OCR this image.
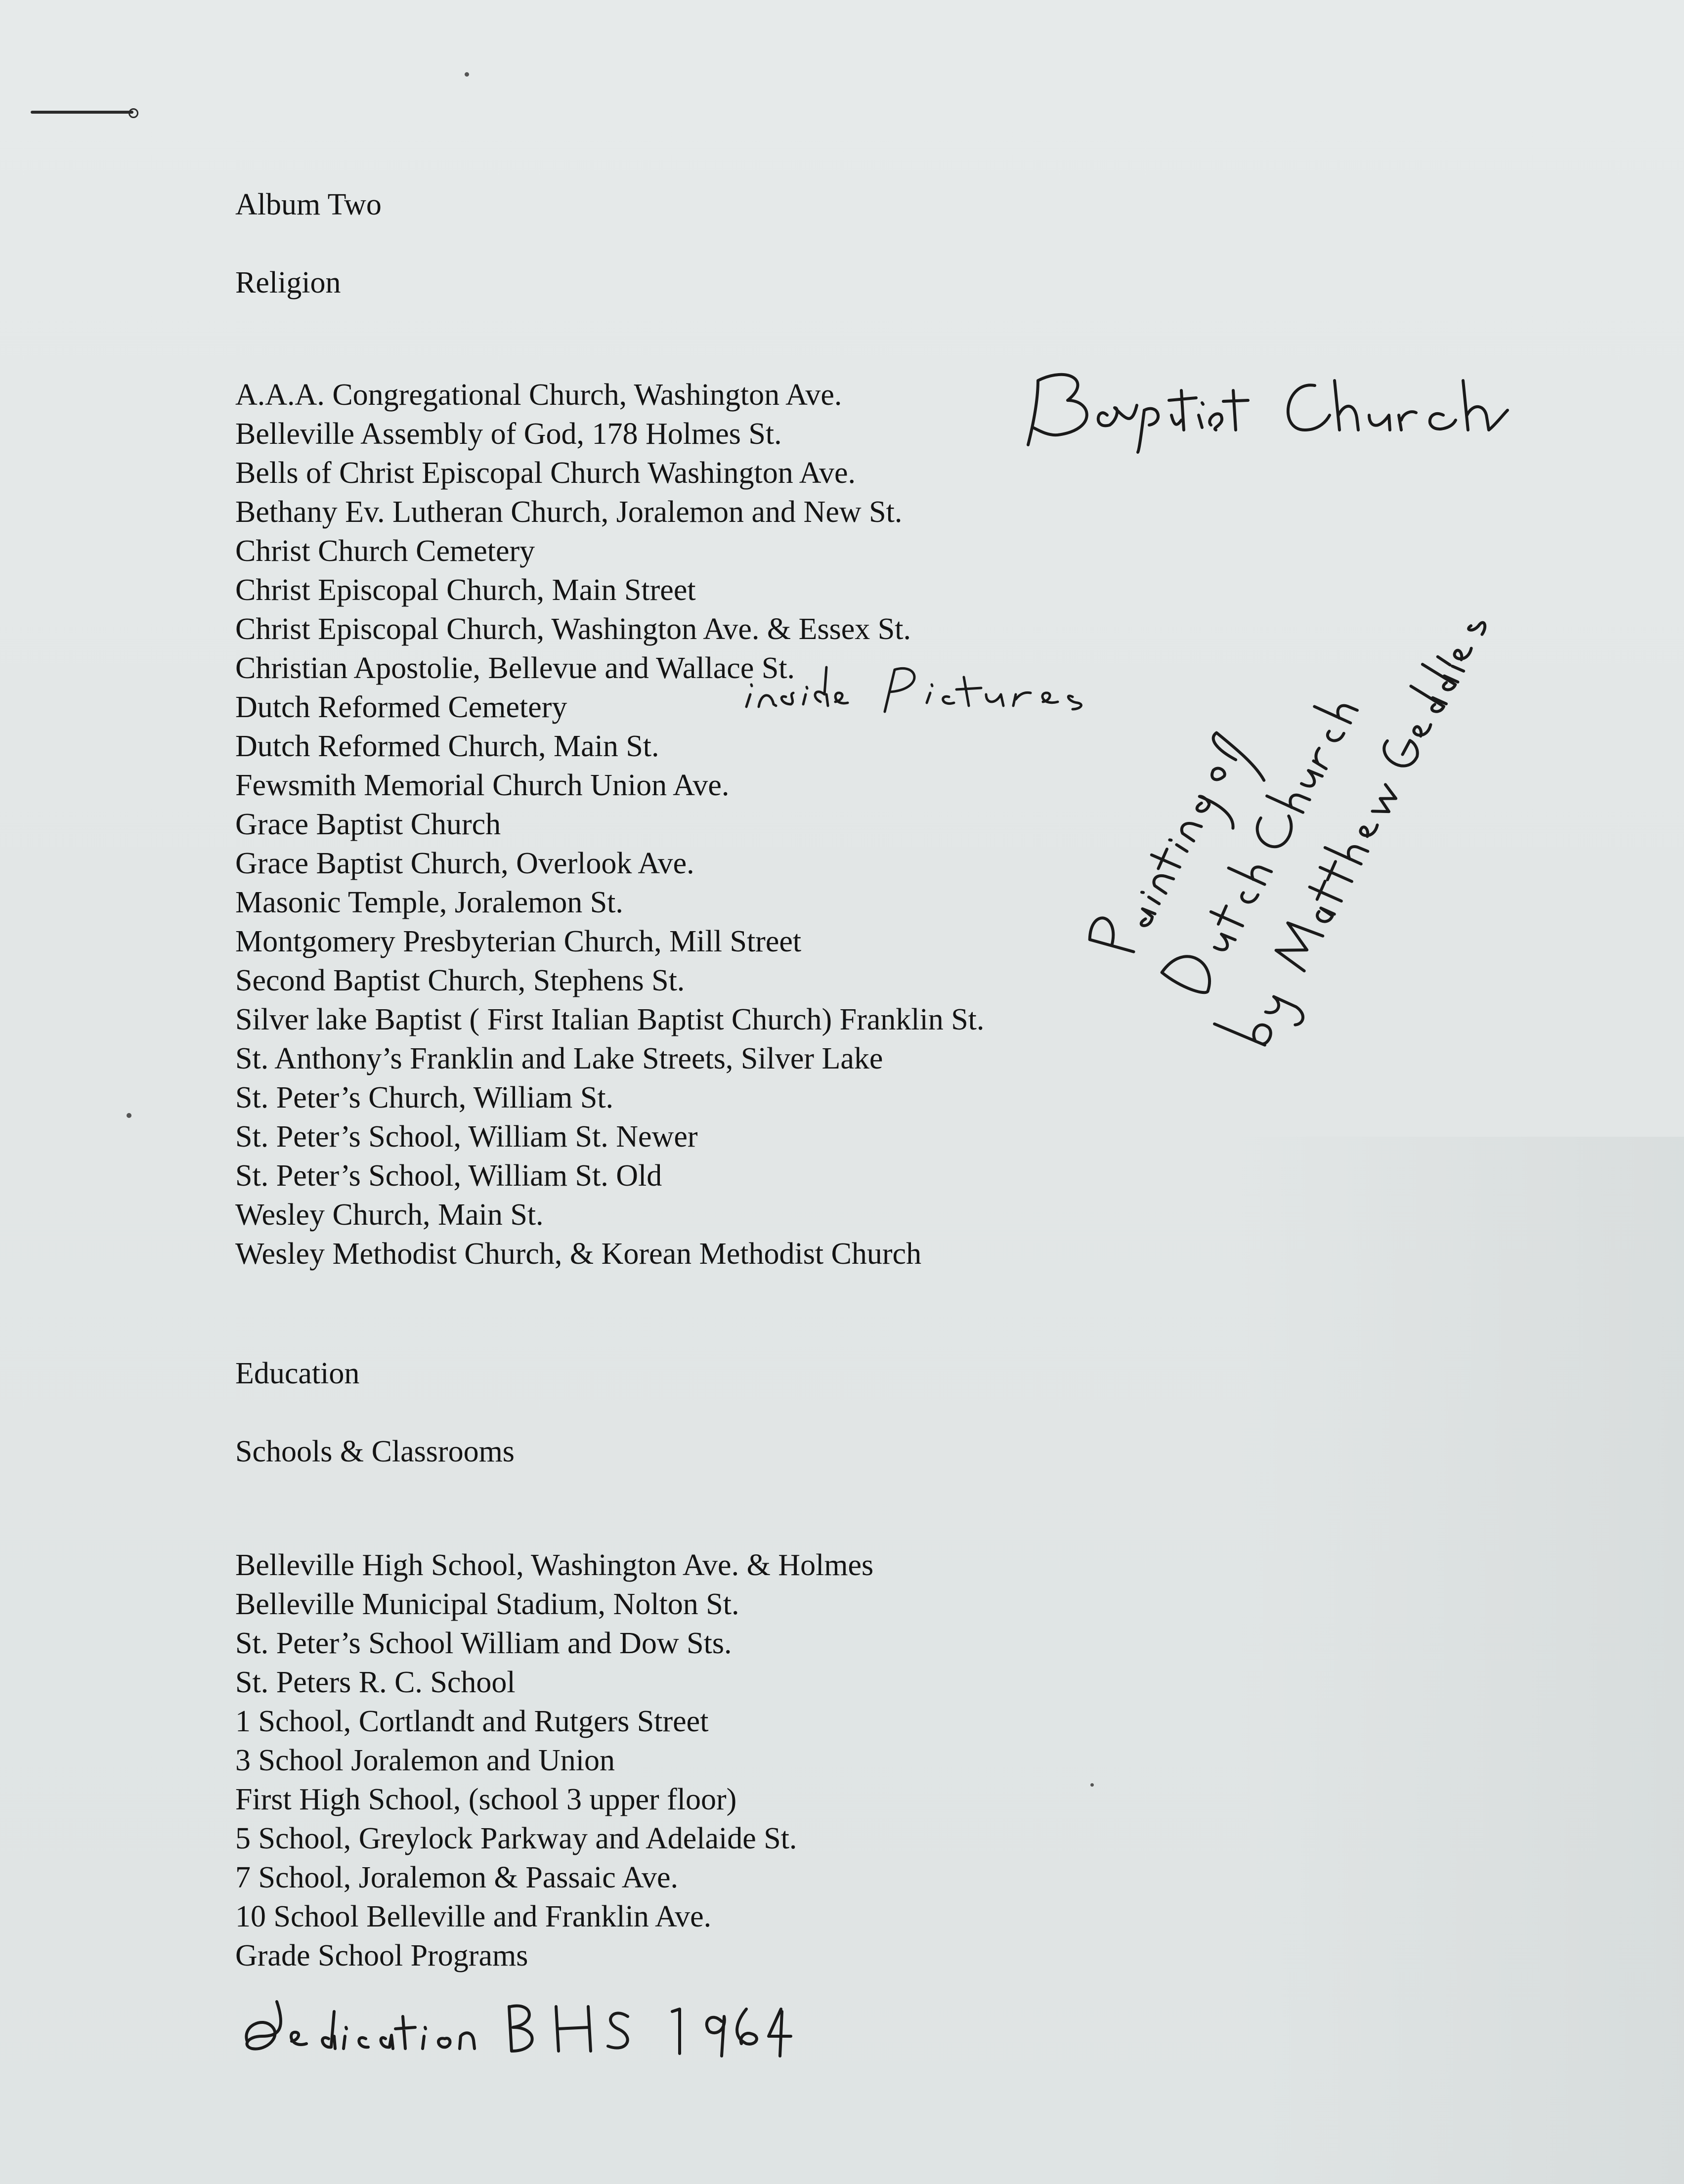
Album Two
Religion
A.A.A. Congregational Church, Washington Ave.
Belleville Assembly of God, 178 Holmes St.
Bells of Christ Episcopal Church Washington Ave.
Bethany Ev. Lutheran Church, Joralemon and New St.
Christ Church Cemetery
Christ Episcopal Church, Main Street
Christ Episcopal Church, Washington Ave. & Essex St.
Christian Apostolie, Bellevue and Wallace St.
Dutch Reformed Cemetery
Dutch Reformed Church, Main St.
Fewsmith Memorial Church Union Ave.
Grace Baptist Church
Grace Baptist Church, Overlook Ave.
Masonic Temple, Joralemon St.
Montgomery Presbyterian Church, Mill Street
Second Baptist Church, Stephens St.
Silver lake Baptist ( First Italian Baptist Church) Franklin St.
St. Anthony’s Franklin and Lake Streets, Silver Lake
St. Peter’s Church, William St.
St. Peter’s School, William St. Newer
St. Peter’s School, William St. Old
Wesley Church, Main St.
Wesley Methodist Church, & Korean Methodist Church
Education
Schools & Classrooms
Belleville High School, Washington Ave. & Holmes
Belleville Municipal Stadium, Nolton St.
St. Peter’s School William and Dow Sts.
St. Peters R. C. School
1 School, Cortlandt and Rutgers Street
3 School Joralemon and Union
First High School, (school 3 upper floor)
5 School, Greylock Parkway and Adelaide St.
7 School, Joralemon & Passaic Ave.
10 School Belleville and Franklin Ave.
Grade School Programs
